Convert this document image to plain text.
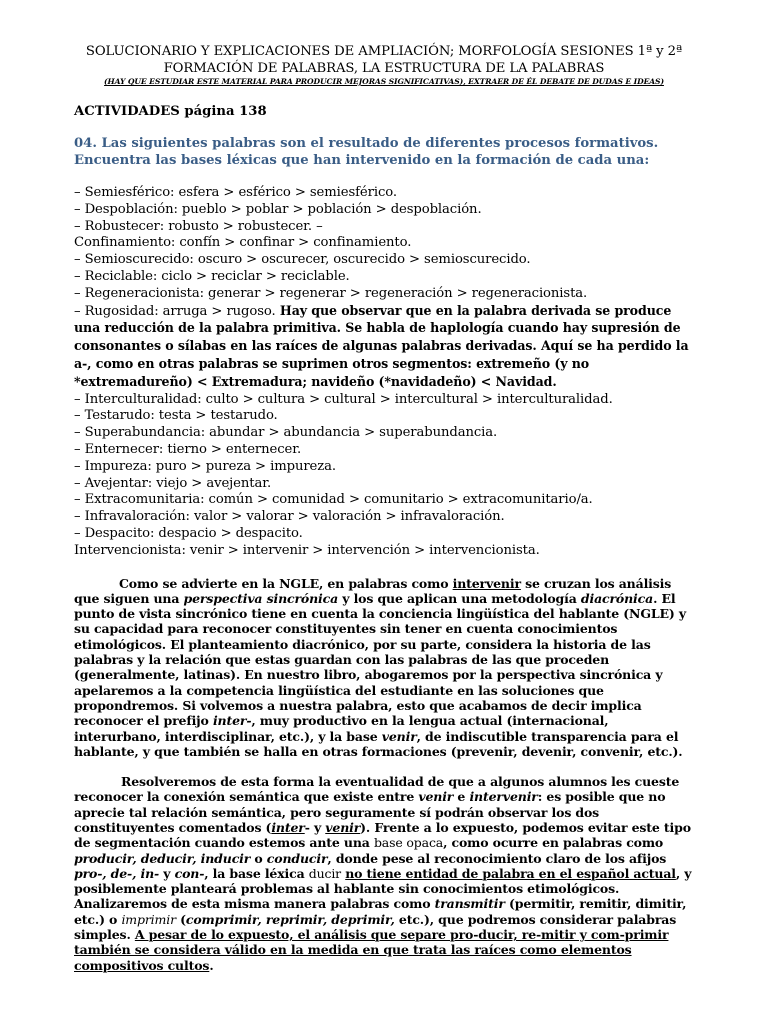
SOLUCIONARIO Y EXPLICACIONES DE AMPLIACIÓN; MORFOLOGÍA SESIONES 1ª y 2ª

FORMACIÓN DE PALABRAS, LA ESTRUCTURA DE LA PALABRAS

(HAY QUE ESTUDIAR ESTE MATERIAL PARA PRODUCIR MEJORAS SIGNIFICATIVAS), EXTRAER DE ÉL DEBATE DE DUDAS E IDEAS)

ACTIVIDADES página 138

04. Las siguientes palabras son el resultado de diferentes procesos formativos. Encuentra las bases léxicas que han intervenido en la formación de cada una:

– Semiesférico: esfera > esférico > semiesférico.
– Despoblación: pueblo > poblar > población > despoblación.
– Robustecer: robusto > robustecer. –
Confinamiento: confín > confinar > confinamiento.
– Semioscurecido: oscuro > oscurecer, oscurecido > semioscurecido.
– Reciclable: ciclo > reciclar > reciclable.
– Regeneracionista: generar > regenerar > regeneración > regeneracionista.
– Rugosidad: arruga > rugoso. Hay que observar que en la palabra derivada se produce una reducción de la palabra primitiva. Se habla de haplología cuando hay supresión de consonantes o sílabas en las raíces de algunas palabras derivadas. Aquí se ha perdido la a-, como en otras palabras se suprimen otros segmentos: extremeño (y no *extremadureño) < Extremadura; navideño (*navidadeño) < Navidad.
– Interculturalidad: culto > cultura > cultural > intercultural > interculturalidad.
– Testarudo: testa > testarudo.
– Superabundancia: abundar > abundancia > superabundancia.
– Enternecer: tierno > enternecer.
– Impureza: puro > pureza > impureza.
– Avejentar: viejo > avejentar.
– Extracomunitaria: común > comunidad > comunitario > extracomunitario/a.
– Infravaloración: valor > valorar > valoración > infravaloración.
– Despacito: despacio > despacito.
Intervencionista: venir > intervenir > intervención > intervencionista.

Como se advierte en la NGLE, en palabras como intervenir se cruzan los análisis que siguen una perspectiva sincrónica y los que aplican una metodología diacrónica. El punto de vista sincrónico tiene en cuenta la conciencia lingüística del hablante (NGLE) y su capacidad para reconocer constituyentes sin tener en cuenta conocimientos etimológicos. El planteamiento diacrónico, por su parte, considera la historia de las palabras y la relación que estas guardan con las palabras de las que proceden (generalmente, latinas). En nuestro libro, abogaremos por la perspectiva sincrónica y apelaremos a la competencia lingüística del estudiante en las soluciones que propondremos. Si volvemos a nuestra palabra, esto que acabamos de decir implica reconocer el prefijo inter-, muy productivo en la lengua actual (internacional, interurbano, interdisciplinar, etc.), y la base venir, de indiscutible transparencia para el hablante, y que también se halla en otras formaciones (prevenir, devenir, convenir, etc.).

Resolveremos de esta forma la eventualidad de que a algunos alumnos les cueste reconocer la conexión semántica que existe entre venir e intervenir: es posible que no aprecie tal relación semántica, pero seguramente sí podrán observar los dos constituyentes comentados (inter- y venir). Frente a lo expuesto, podemos evitar este tipo de segmentación cuando estemos ante una base opaca, como ocurre en palabras como producir, deducir, inducir o conducir, donde pese al reconocimiento claro de los afijos pro-, de-, in- y con-, la base léxica ducir no tiene entidad de palabra en el español actual, y posiblemente planteará problemas al hablante sin conocimientos etimológicos. Analizaremos de esta misma manera palabras como transmitir (permitir, remitir, dimitir, etc.) o imprimir (comprimir, reprimir, deprimir, etc.), que podremos considerar palabras simples. A pesar de lo expuesto, el análisis que separe pro-ducir, re-mitir y com-primir también se considera válido en la medida en que trata las raíces como elementos compositivos cultos.
